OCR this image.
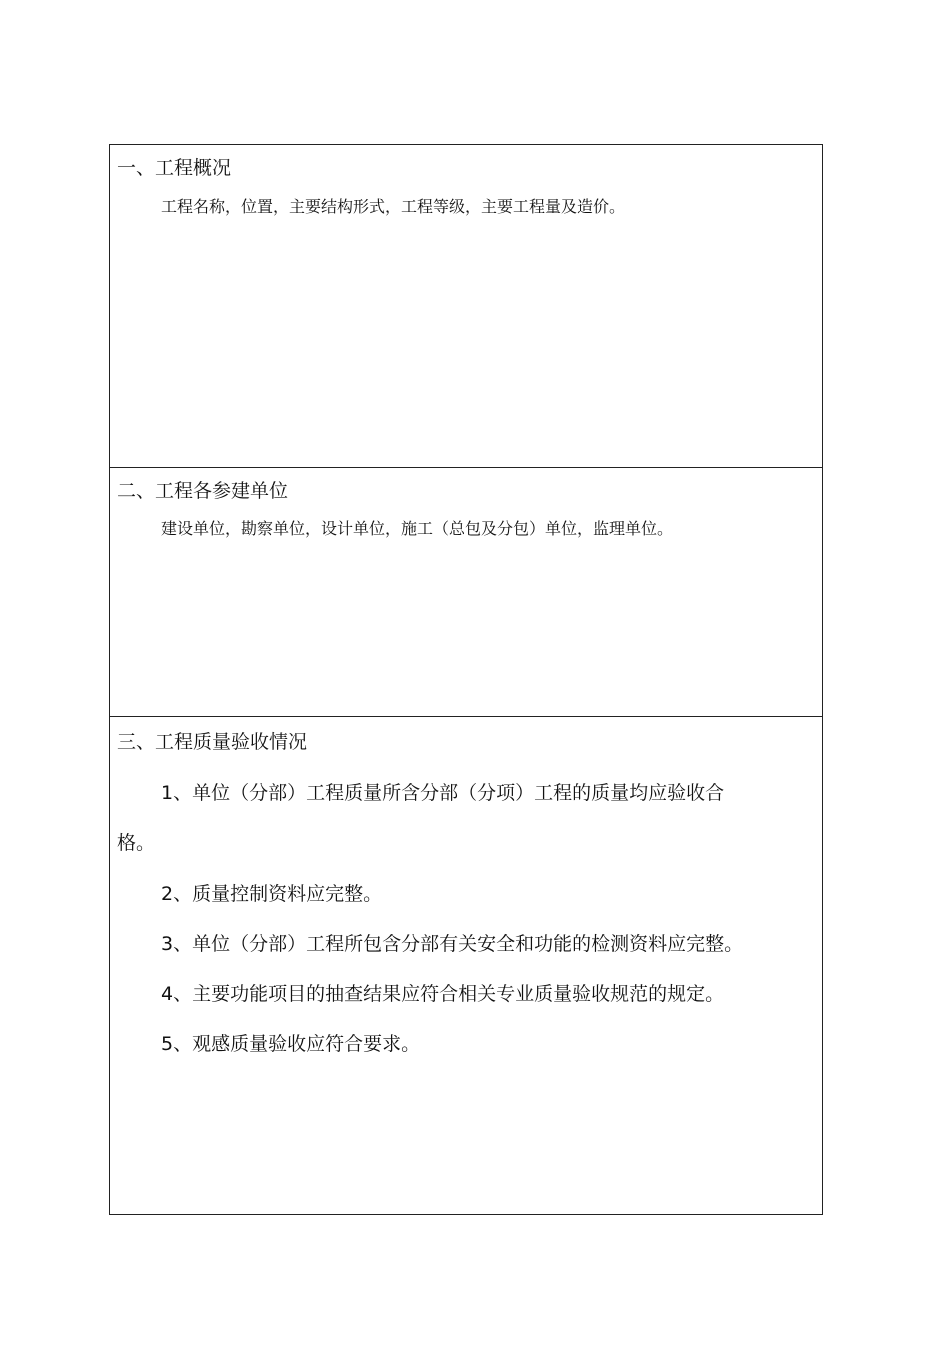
一、工程概况
工程名称，位置，主要结构形式，工程等级，主要工程量及造价。
二、工程各参建单位
建设单位，勘察单位，设计单位，施工（总包及分包）单位，监理单位。
三、工程质量验收情况
1、单位（分部）工程质量所含分部（分项）工程的质量均应验收合
格。
2、质量控制资料应完整。
3、单位（分部）工程所包含分部有关安全和功能的检测资料应完整。
4、主要功能项目的抽查结果应符合相关专业质量验收规范的规定。
5、观感质量验收应符合要求。
